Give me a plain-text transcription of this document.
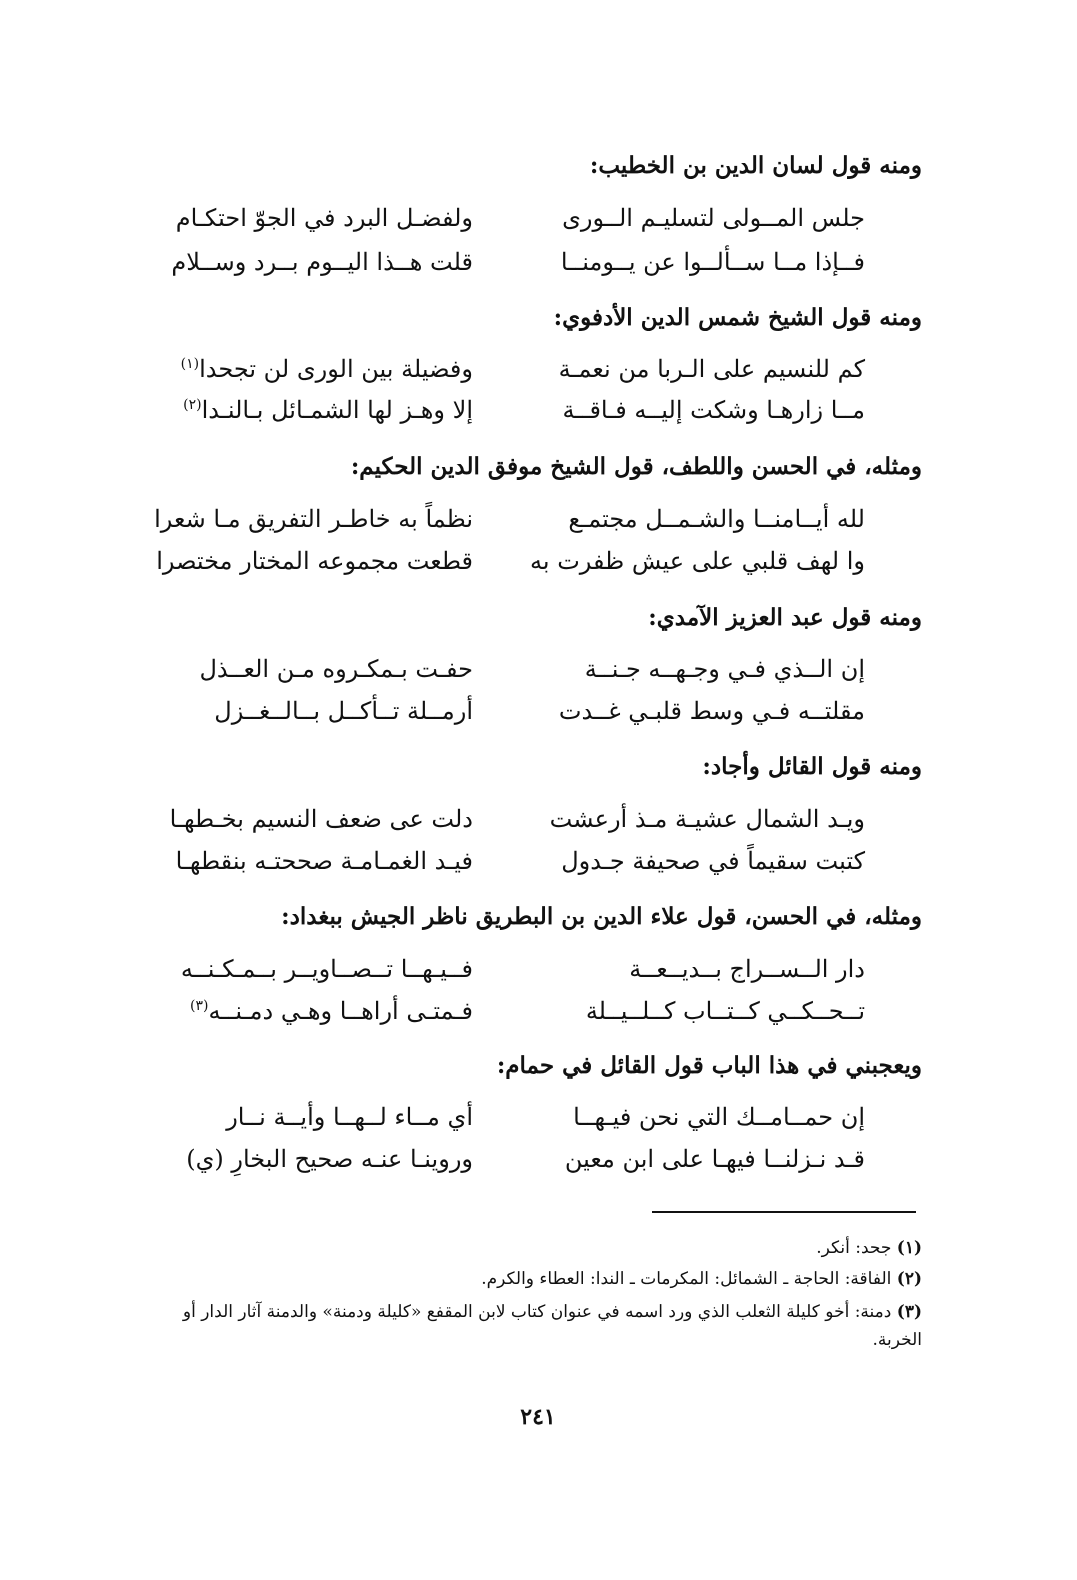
ومنه قول لسان الدين بن الخطيب:
جلس المــولى لتسليـم الــورى
ولفضـل البرد في الجوّ احتكـام
فــإذا مــا ســألــوا عن يــومنــا
قلت هــذا اليــوم بــرد وســلام
ومنه قول الشيخ شمس الدين الأدفوي:
كم للنسيم على الـربا من نعمـة
وفضيلة بين الورى لن تجحدا$^{(١)}$
مــا زارهـا وشكت إليــه فـاقــة
إلا وهـز لها الشمـائل بـالنـدا$^{(٢)}$
ومثله، في الحسن واللطف، قول الشيخ موفق الدين الحكيم:
لله أيــامنــا والشـمــل مجتمـع
نظماً به خاطـر التفريق مـا شعرا
وا لهف قلبي على عيش ظفرت به
قطعت مجموعه المختار مختصرا
ومنه قول عبد العزيز الآمدي:
إن الــذي فـي وجـهــه جـنــة
حفـت بـمكـروه مـن العــذل
مقلتــه فـي وسط قلبـي غــدت
أرمــلة تــأكــل بــالــغــزل
ومنه قول القائل وأجاد:
ويـد الشمال عشيـة مـذ أرعشت
دلت عى ضعف النسيم بخـطهـا
كتبت سقيماً في صحيفة جـدول
فيـد الغمـامـة صححتـه بنقطهـا
ومثله، في الحسن، قول علاء الدين بن البطريق ناظر الجيش ببغداد:
دار الــســراج بــديــعــة
فــيـهــا تــصــاويــر بــمـكـنــه
تــحــكــي كــتــاب كــلــيــلة
فـمتـى أراهــا وهـي دمـنــه$^{(٣)}$
ويعجبني في هذا الباب قول القائل في حمام:
إن حمــامــك التي نحن فيـهــا
أي مــاء لــهــا وأيــة نــار
قـد نـزلنــا فيهـا على ابن معين
وروينـا عنـه صحيح البخارِ (ي)
(١) جحد: أنكر.
(٢) الفاقة: الحاجة ـ الشمائل: المكرمات ـ الندا: العطاء والكرم.
(٣) دمنة: أخو كليلة الثعلب الذي ورد اسمه في عنوان كتاب لابن المقفع «كليلة ودمنة» والدمنة آثار الدار أو الخربة.
٢٤١
